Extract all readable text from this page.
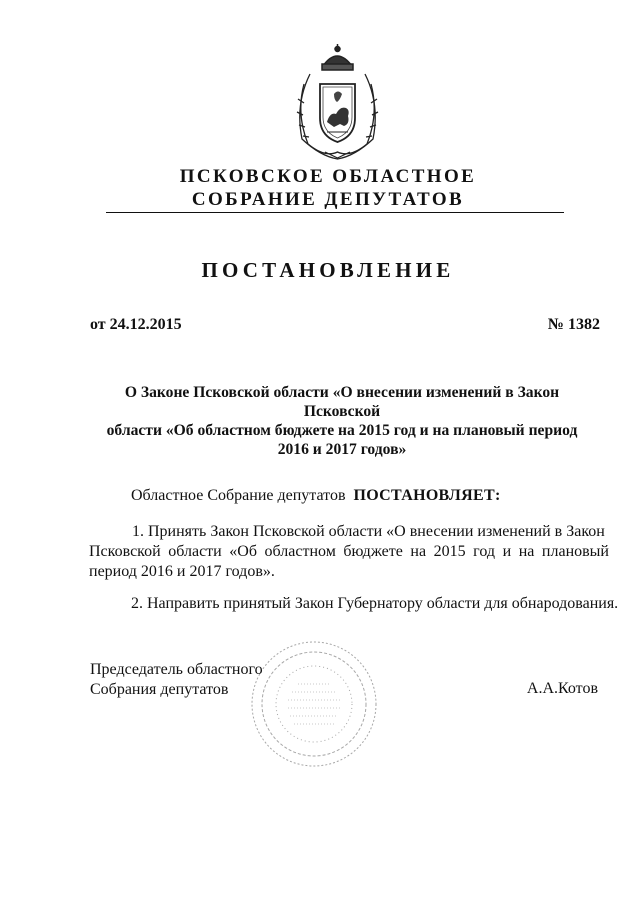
ПСКОВСКОЕ ОБЛАСТНОЕ
СОБРАНИЕ ДЕПУТАТОВ
ПОСТАНОВЛЕНИЕ
от 24.12.2015	№ 1382
О Законе Псковской области «О внесении изменений в Закон Псковской
области «Об областном бюджете на 2015 год и на плановый период
2016 и 2017 годов»
Областное Собрание депутатов ПОСТАНОВЛЯЕТ:
1. Принять Закон Псковской области «О внесении изменений в Закон
Псковской области «Об областном бюджете на 2015 год и на плановый период 2016 и 2017 годов».
2. Направить принятый Закон Губернатору области для обнародования.
Председатель областного
Собрания депутатов	А.А.Котов
